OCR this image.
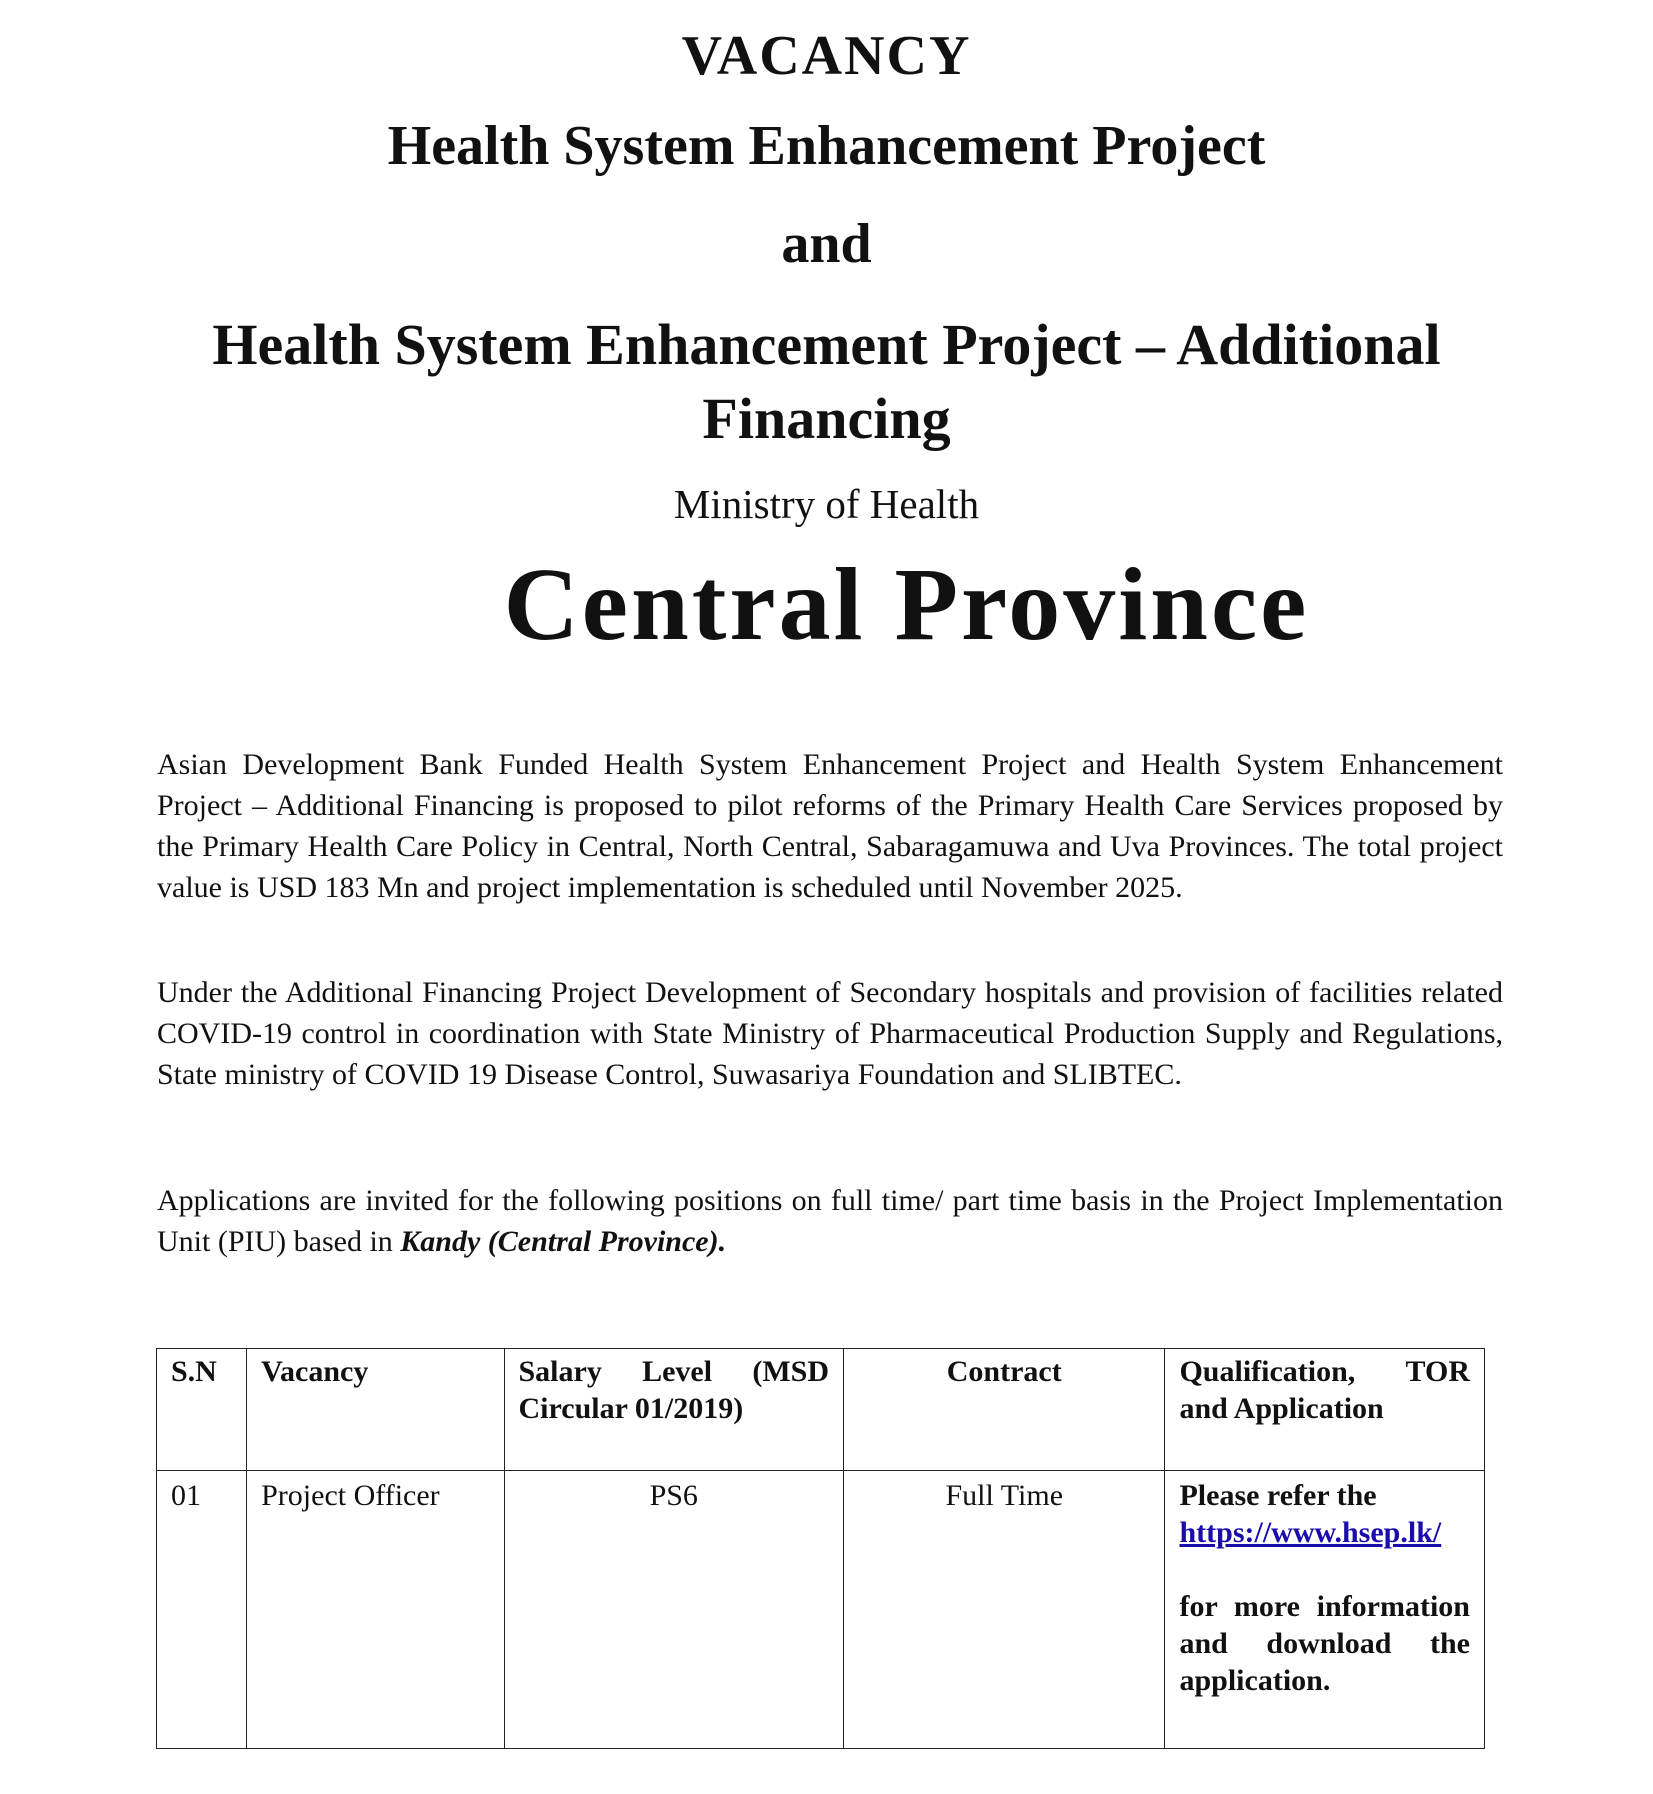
VACANCY
Health System Enhancement Project
and
Health System Enhancement Project – Additional Financing
Ministry of Health
Central Province

Asian Development Bank Funded Health System Enhancement Project and Health System Enhancement Project – Additional Financing is proposed to pilot reforms of the Primary Health Care Services proposed by the Primary Health Care Policy in Central, North Central, Sabaragamuwa and Uva Provinces. The total project value is USD 183 Mn and project implementation is scheduled until November 2025.

Under the Additional Financing Project Development of Secondary hospitals and provision of facilities related COVID-19 control in coordination with State Ministry of Pharmaceutical Production Supply and Regulations, State ministry of COVID 19 Disease Control, Suwasariya Foundation and SLIBTEC.

Applications are invited for the following positions on full time/ part time basis in the Project Implementation Unit (PIU) based in Kandy (Central Province).

S.N	Vacancy	Salary Level (MSD Circular 01/2019)	Contract	Qualification, TOR and Application
01	Project Officer	PS6	Full Time	Please refer the
https://www.hsep.lk/
for more information and download the application.
